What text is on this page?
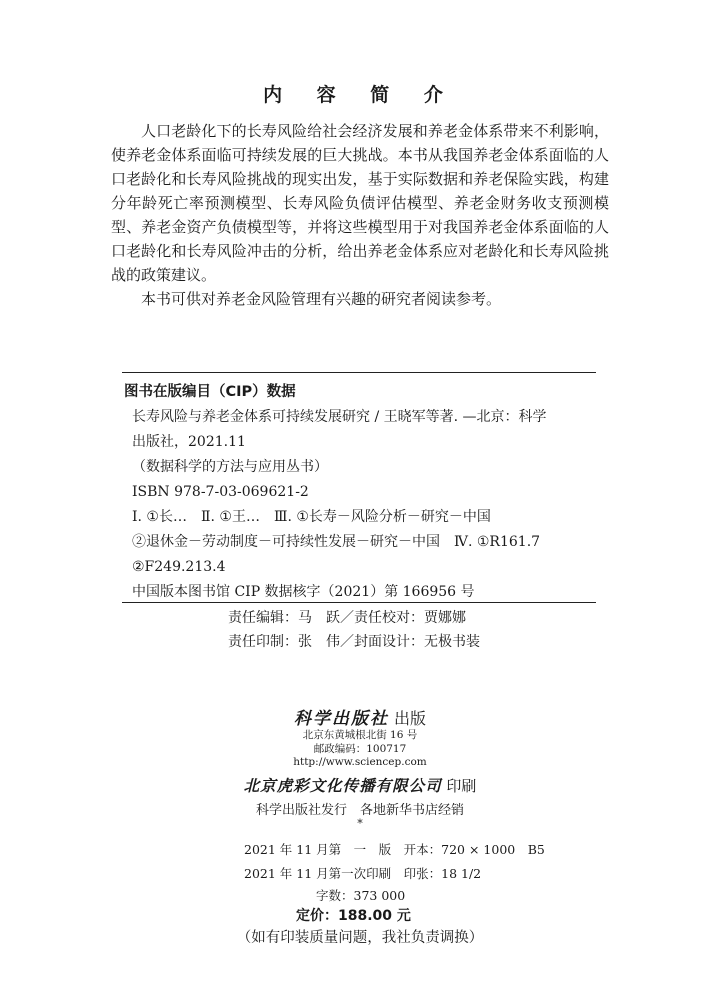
内 容 简 介

人口老龄化下的长寿风险给社会经济发展和养老金体系带来不利影响，使养老金体系面临可持续发展的巨大挑战。本书从我国养老金体系面临的人口老龄化和长寿风险挑战的现实出发，基于实际数据和养老保险实践，构建分年龄死亡率预测模型、长寿风险负债评估模型、养老金财务收支预测模型、养老金资产负债模型等，并将这些模型用于对我国养老金体系面临的人口老龄化和长寿风险冲击的分析，给出养老金体系应对老龄化和长寿风险挑战的政策建议。

本书可供对养老金风险管理有兴趣的研究者阅读参考。

图书在版编目（CIP）数据
长寿风险与养老金体系可持续发展研究 / 王晓军等著. —北京：科学
出版社，2021.11
（数据科学的方法与应用丛书）
ISBN 978-7-03-069621-2
Ⅰ. ①长…　Ⅱ. ①王…　Ⅲ. ①长寿－风险分析－研究－中国
②退休金－劳动制度－可持续性发展－研究－中国　Ⅳ. ①R161.7
②F249.213.4
中国版本图书馆 CIP 数据核字（2021）第 166956 号
责任编辑：马　跃／责任校对：贾娜娜
责任印制：张　伟／封面设计：无极书装
科学出版社 出版
北京东黄城根北街 16 号
邮政编码：100717
http://www.sciencep.com
北京虎彩文化传播有限公司 印刷
科学出版社发行　各地新华书店经销
*
2021 年 11 月第　一　版　开本：720 × 1000　B5
2021 年 11 月第一次印刷　印张：18 1/2
字数：373 000
定价：188.00 元
（如有印装质量问题，我社负责调换）
